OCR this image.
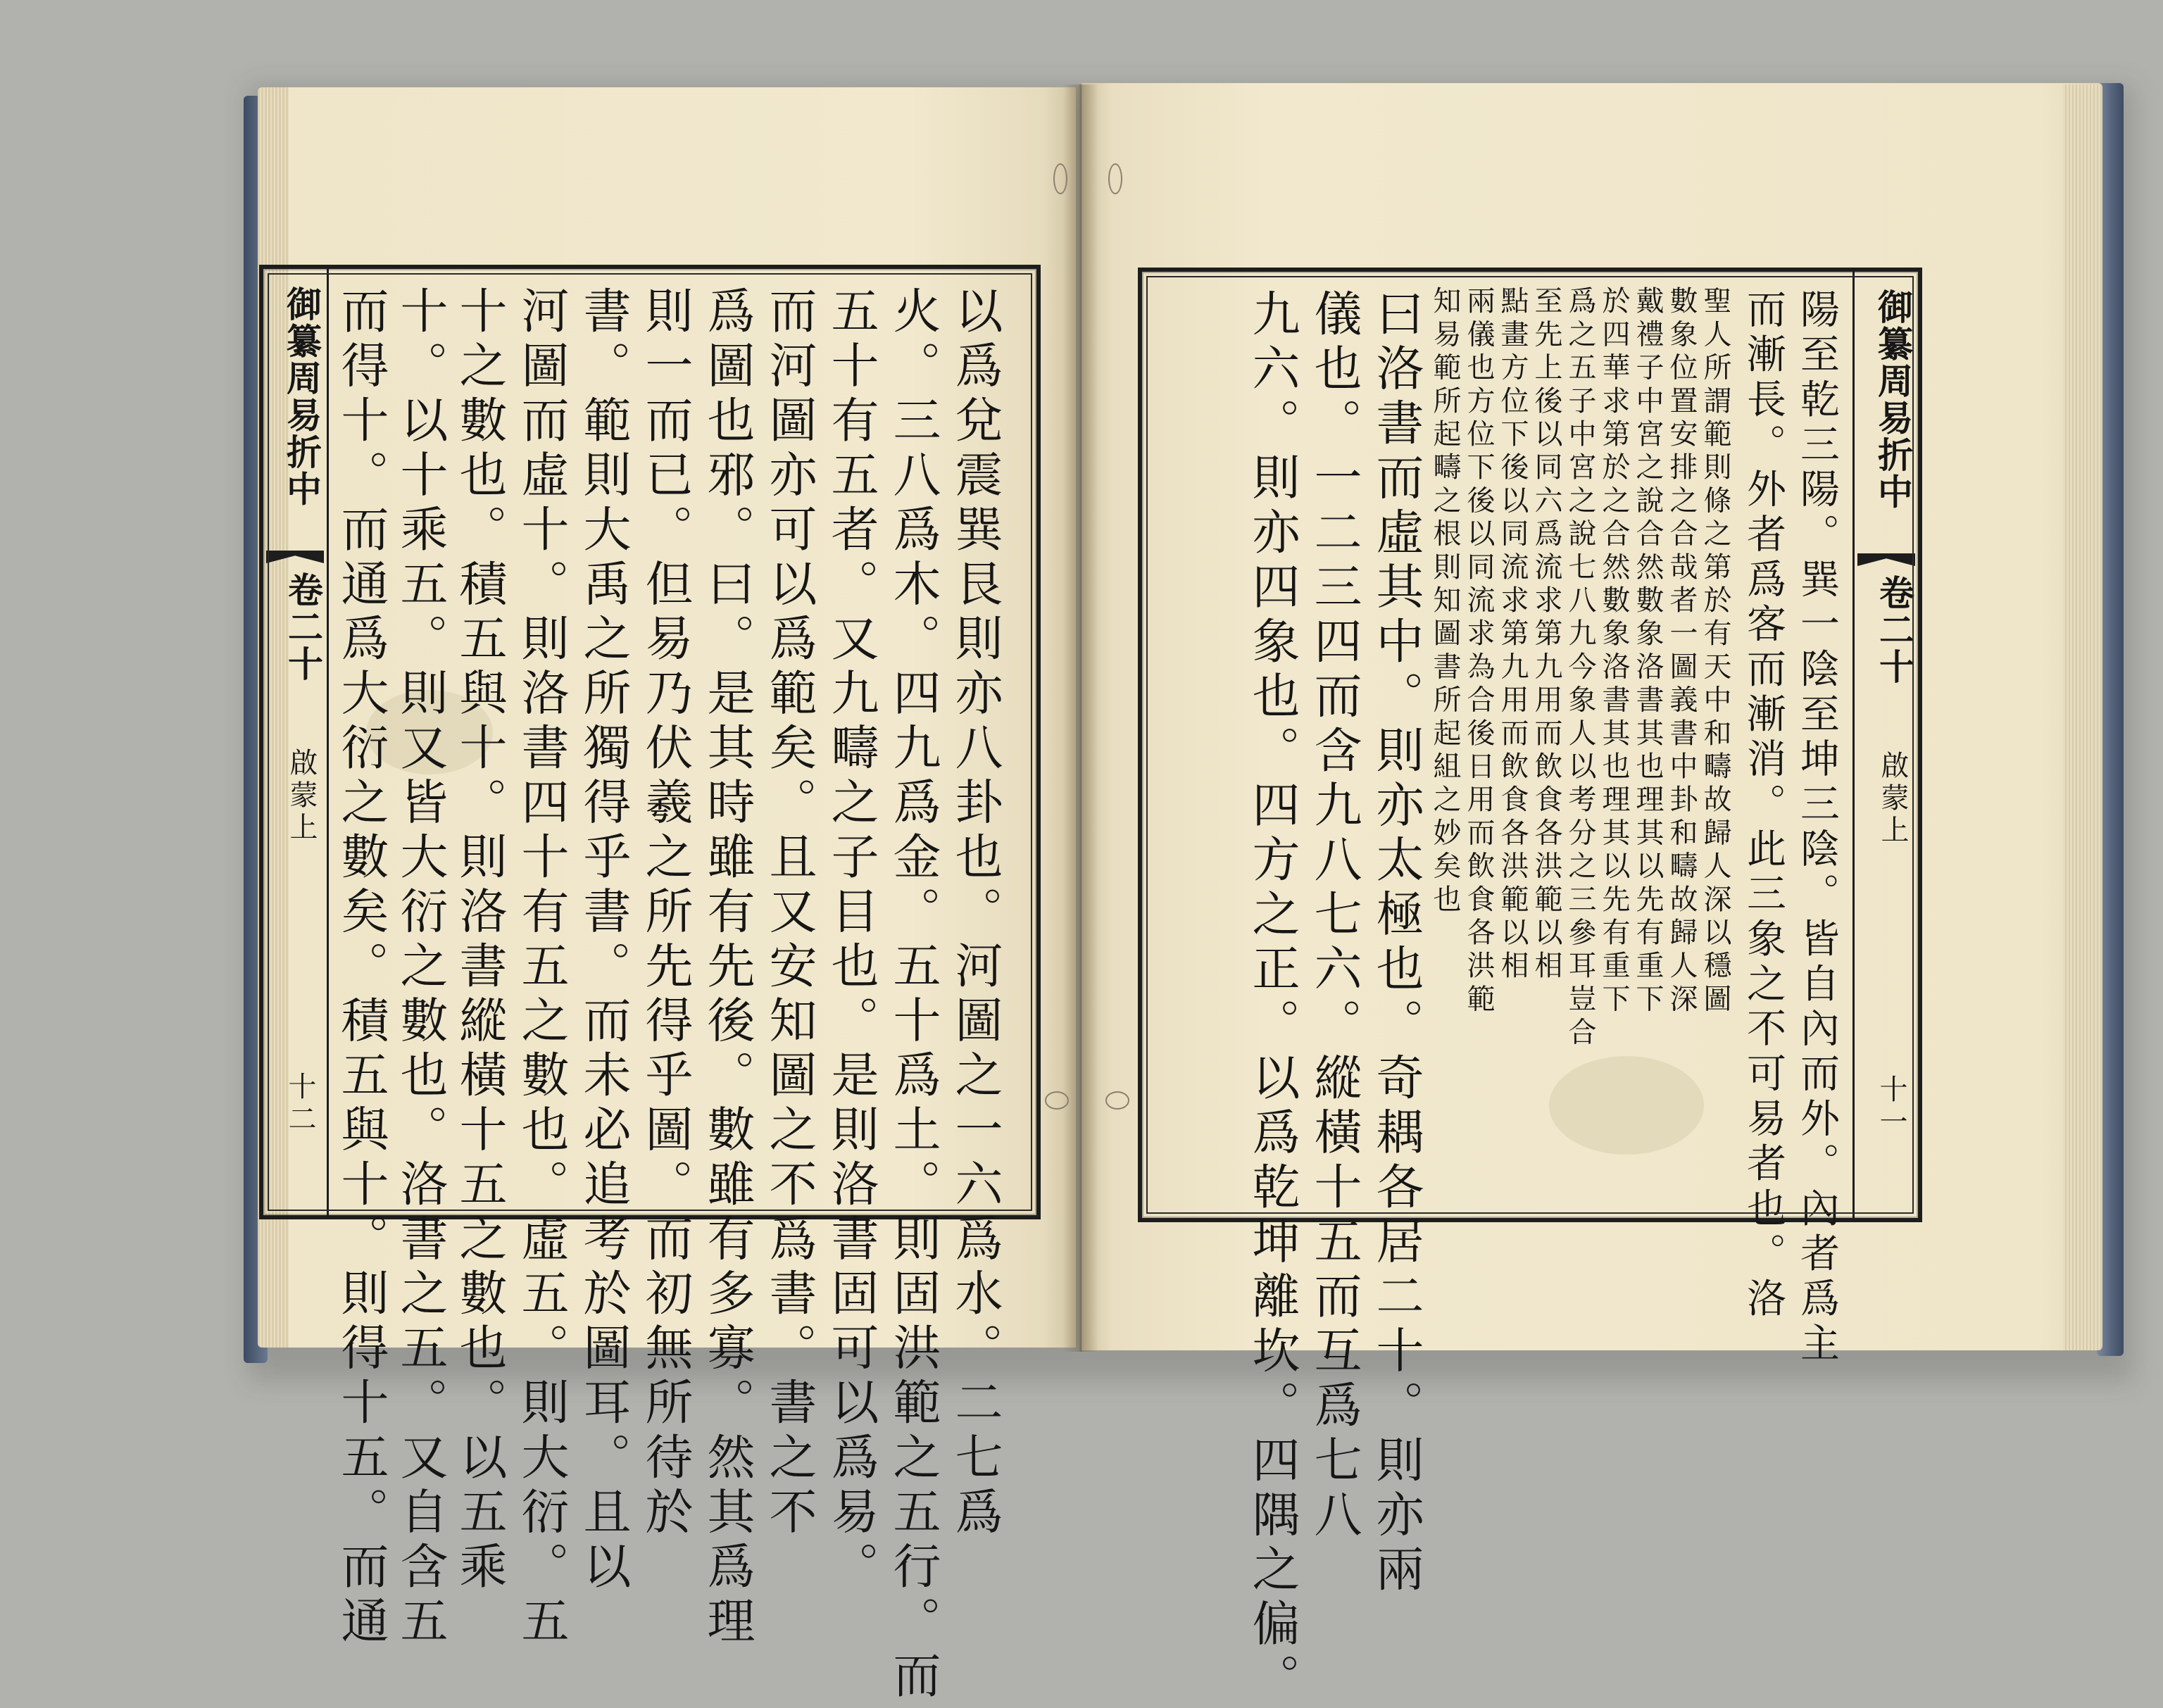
御纂周易折中
卷二十
啟蒙上
十二	以爲兌震巽艮則亦八卦也。河圖之一六爲水。二七爲
火。三八爲木。四九爲金。五十爲土。則固洪範之五行。而
五十有五者。又九疇之子目也。是則洛書固可以爲易。
而河圖亦可以爲範矣。且又安知圖之不爲書。書之不
爲圖也邪。曰。是其時雖有先後。數雖有多寡。然其爲理
則一而已。但易乃伏羲之所先得乎圖。而初無所待於
書。範則大禹之所獨得乎書。而未必追考於圖耳。且以
河圖而虛十。則洛書四十有五之數也。虛五。則大衍。五
十之數也。積五與十。則洛書縱橫十五之數也。以五乘
十。以十乘五。則又皆大衍之數也。洛書之五。又自含五
而得十。而通爲大衍之數矣。積五與十。則得十五。而通	御纂周易折中
卷二十
啟蒙上
十一
陽至乾三陽。巽一陰至坤三陰。皆自內而外。內者爲主
而漸長。外者爲客而漸消。此三象之不可易者也。洛
聖人所謂範則條之第於有天中和疇故歸人深以穩圖
數象位置安排之合哉者一圖義書中卦和疇故歸人深
戴禮子中宮之說合然數象洛書其也理其以先有重下
於四華求第於之合然數象洛書其也理其以先有重下
爲之五子中宮之說七八九今象人以考分之三參耳豈合
至先上後以同六爲流求第九用而飲食各洪範以相
點畫方位下後以同流求第九用而飲食各洪範以相
兩儀也方位下後以同流求為合後日用而飲食各洪範
知易範所起疇之根則知圖書所起組之妙矣也
曰洛書而虛其中。則亦太極也。奇耦各居二十。則亦兩
儀也。一二三四而含九八七六。縱橫十五而互爲七八
九六。則亦四象也。四方之正。以爲乾坤離坎。四隅之偏。
